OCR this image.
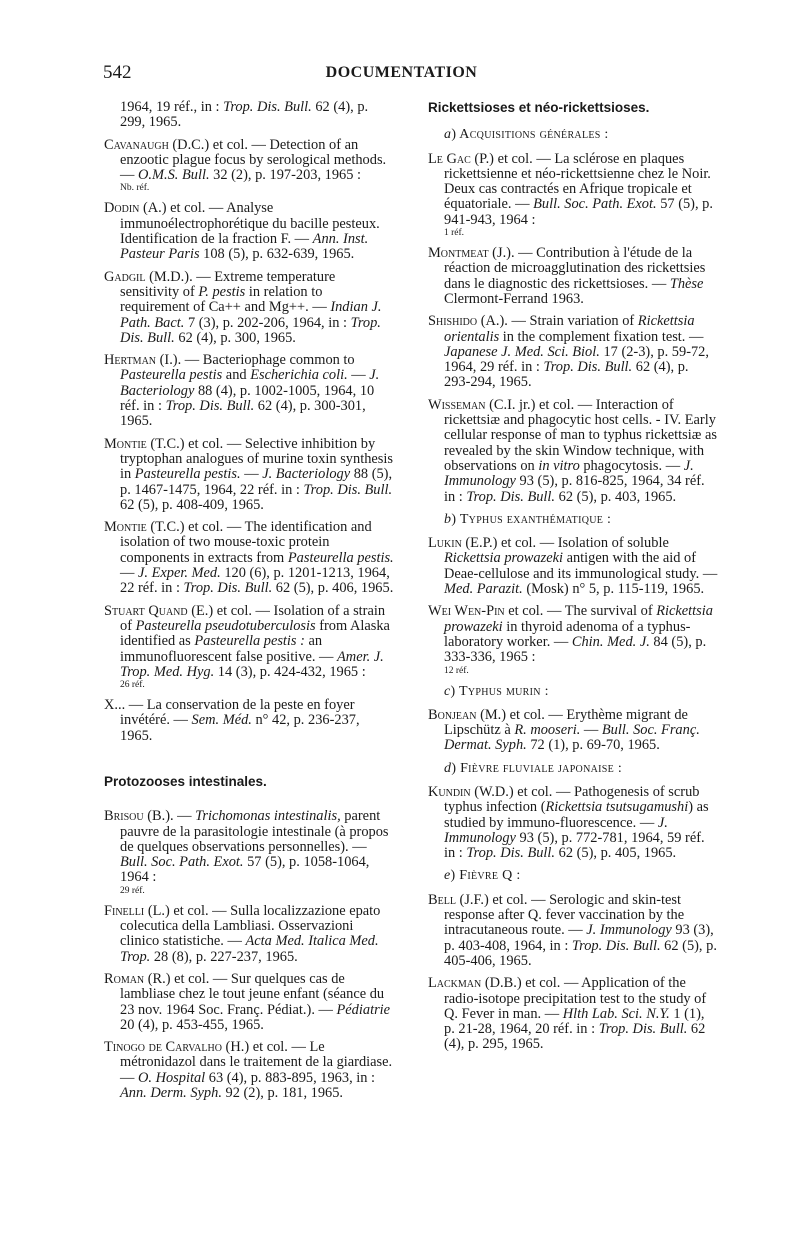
542	DOCUMENTATION

1964, 19 réf., in : Trop. Dis. Bull. 62 (4), p. 299, 1965.

Cavanaugh (D.C.) et col. — Detection of an enzootic plague focus by serological methods. — O.M.S. Bull. 32 (2), p. 197-203, 1965 :
Nb. réf.

Dodin (A.) et col. — Analyse immunoélectrophorétique du bacille pesteux. Identification de la fraction F. — Ann. Inst. Pasteur Paris 108 (5), p. 632-639, 1965.

Gadgil (M.D.). — Extreme temperature sensitivity of P. pestis in relation to requirement of Ca++ and Mg++. — Indian J. Path. Bact. 7 (3), p. 202-206, 1964, in : Trop. Dis. Bull. 62 (4), p. 300, 1965.

Hertman (I.). — Bacteriophage common to Pasteurella pestis and Escherichia coli. — J. Bacteriology 88 (4), p. 1002-1005, 1964, 10 réf. in : Trop. Dis. Bull. 62 (4), p. 300-301, 1965.

Montie (T.C.) et col. — Selective inhibition by tryptophan analogues of murine toxin synthesis in Pasteurella pestis. — J. Bacteriology 88 (5), p. 1467-1475, 1964, 22 réf. in : Trop. Dis. Bull. 62 (5), p. 408-409, 1965.

Montie (T.C.) et col. — The identification and isolation of two mouse-toxic protein components in extracts from Pasteurella pestis. — J. Exper. Med. 120 (6), p. 1201-1213, 1964, 22 réf. in : Trop. Dis. Bull. 62 (5), p. 406, 1965.

Stuart Quand (E.) et col. — Isolation of a strain of Pasteurella pseudotuberculosis from Alaska identified as Pasteurella pestis : an immunofluorescent false positive. — Amer. J. Trop. Med. Hyg. 14 (3), p. 424-432, 1965 :
26 réf.

X... — La conservation de la peste en foyer invétéré. — Sem. Méd. n° 42, p. 236-237, 1965.

Protozooses intestinales.

Brisou (B.). — Trichomonas intestinalis, parent pauvre de la parasitologie intestinale (à propos de quelques observations personnelles). — Bull. Soc. Path. Exot. 57 (5), p. 1058-1064, 1964 :
29 réf.

Finelli (L.) et col. — Sulla localizzazione epato colecutica della Lambliasi. Osservazioni clinico statistiche. — Acta Med. Italica Med. Trop. 28 (8), p. 227-237, 1965.

Roman (R.) et col. — Sur quelques cas de lambliase chez le tout jeune enfant (séance du 23 nov. 1964 Soc. Franç. Pédiat.). — Pédiatrie 20 (4), p. 453-455, 1965.

Tinogo de Carvalho (H.) et col. — Le métronidazol dans le traitement de la giardiase. — O. Hospital 63 (4), p. 883-895, 1963, in : Ann. Derm. Syph. 92 (2), p. 181, 1965.

Rickettsioses et néo-rickettsioses.

a) Acquisitions générales :

Le Gac (P.) et col. — La sclérose en plaques rickettsienne et néo-rickettsienne chez le Noir. Deux cas contractés en Afrique tropicale et équatoriale. — Bull. Soc. Path. Exot. 57 (5), p. 941-943, 1964 :
1 réf.

Montmeat (J.). — Contribution à l'étude de la réaction de microagglutination des rickettsies dans le diagnostic des rickettsioses. — Thèse Clermont-Ferrand 1963.

Shishido (A.). — Strain variation of Rickettsia orientalis in the complement fixation test. — Japanese J. Med. Sci. Biol. 17 (2-3), p. 59-72, 1964, 29 réf. in : Trop. Dis. Bull. 62 (4), p. 293-294, 1965.

Wisseman (C.I. jr.) et col. — Interaction of rickettsiæ and phagocytic host cells. - IV. Early cellular response of man to typhus rickettsiæ as revealed by the skin Window technique, with observations on in vitro phagocytosis. — J. Immunology 93 (5), p. 816-825, 1964, 34 réf. in : Trop. Dis. Bull. 62 (5), p. 403, 1965.

b) Typhus exanthématique :

Lukin (E.P.) et col. — Isolation of soluble Rickettsia prowazeki antigen with the aid of Deae-cellulose and its immunological study. — Med. Parazit. (Mosk) n° 5, p. 115-119, 1965.

Wei Wen-Pin et col. — The survival of Rickettsia prowazeki in thyroid adenoma of a typhus-laboratory worker. — Chin. Med. J. 84 (5), p. 333-336, 1965 :
12 réf.

c) Typhus murin :

Bonjean (M.) et col. — Erythème migrant de Lipschütz à R. mooseri. — Bull. Soc. Franç. Dermat. Syph. 72 (1), p. 69-70, 1965.

d) Fièvre fluviale japonaise :

Kundin (W.D.) et col. — Pathogenesis of scrub typhus infection (Rickettsia tsutsugamushi) as studied by immuno-fluorescence. — J. Immunology 93 (5), p. 772-781, 1964, 59 réf. in : Trop. Dis. Bull. 62 (5), p. 405, 1965.

e) Fièvre Q :

Bell (J.F.) et col. — Serologic and skin-test response after Q. fever vaccination by the intracutaneous route. — J. Immunology 93 (3), p. 403-408, 1964, in : Trop. Dis. Bull. 62 (5), p. 405-406, 1965.

Lackman (D.B.) et col. — Application of the radio-isotope precipitation test to the study of Q. Fever in man. — Hlth Lab. Sci. N.Y. 1 (1), p. 21-28, 1964, 20 réf. in : Trop. Dis. Bull. 62 (4), p. 295, 1965.
